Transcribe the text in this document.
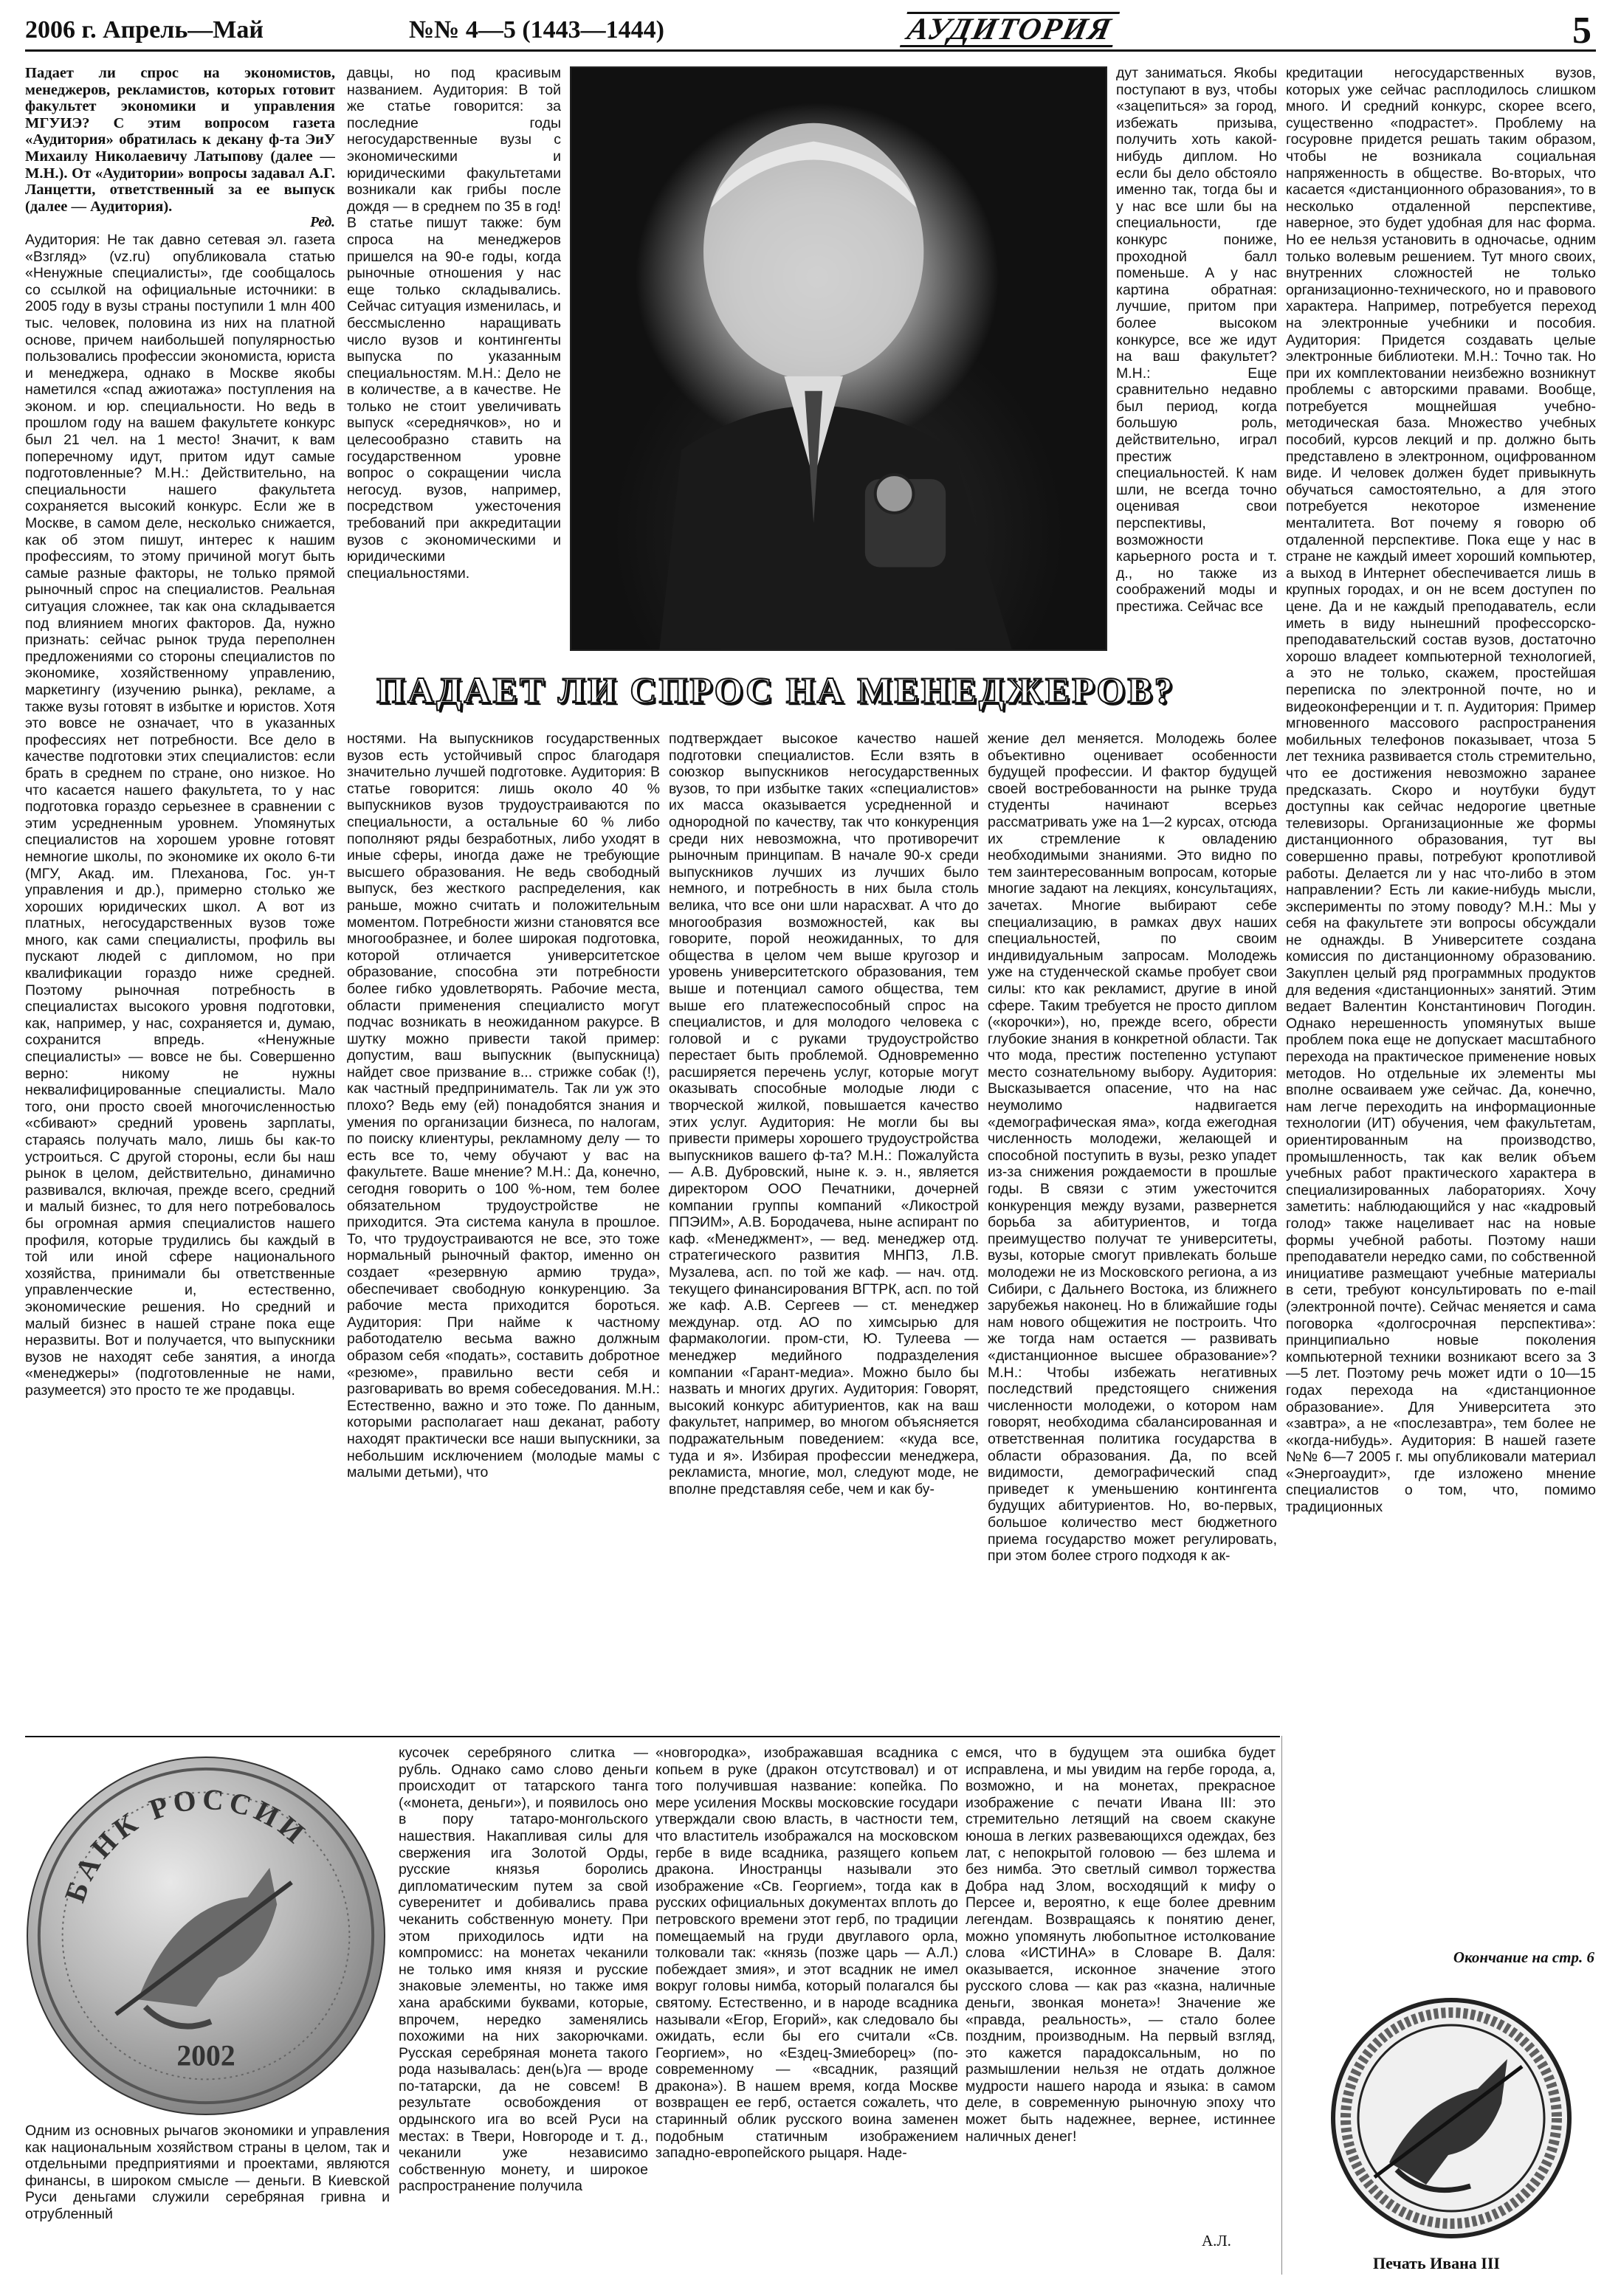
2006 г. Апрель—Май	№№ 4—5 (1443—1444)	АУДИТОРИЯ	5

Падает ли спрос на экономистов, менеджеров, рекламистов, которых готовит факультет экономики и управления МГУИЭ? С этим вопросом газета «Аудитория» обратилась к декану ф-та ЭиУ Михаилу Николаевичу Латыпову (далее — М.Н.). От «Аудитории» вопросы задавал А.Г. Ланцетти, ответственный за ее выпуск (далее — Аудитория).

Ред.

Аудитория: Не так давно сетевая эл. газета «Взгляд» (vz.ru) опубликовала статью «Ненужные специалисты», где сообщалось со ссылкой на официальные источники: в 2005 году в вузы страны поступили 1 млн 400 тыс. человек, половина из них на платной основе, причем наибольшей популярностью пользовались профессии экономиста, юриста и менеджера, однако в Москве якобы наметился «спад ажиотажа» поступления на эконом. и юр. специальности. Но ведь в прошлом году на вашем факультете конкурс был 21 чел. на 1 место! Значит, к вам поперечному идут, притом идут самые подготовленные? М.Н.: Действительно, на специальности нашего факультета сохраняется высокий конкурс. Если же в Москве, в самом деле, несколько снижается, как об этом пишут, интерес к нашим профессиям, то этому причиной могут быть самые разные факторы, не только прямой рыночный спрос на специалистов. Реальная ситуация сложнее, так как она складывается под влиянием многих факторов. Да, нужно признать: сейчас рынок труда переполнен предложениями со стороны специалистов по экономике, хозяйственному управлению, маркетингу (изучению рынка), рекламе, а также вузы готовят в избытке и юристов. Хотя это вовсе не означает, что в указанных профессиях нет потребности. Все дело в качестве подготовки этих специалистов: если брать в среднем по стране, оно низкое. Но что касается нашего факультета, то у нас подготовка гораздо серьезнее в сравнении с этим усредненным уровнем. Упомянутых специалистов на хорошем уровне готовят немногие школы, по экономике их около 6-ти (МГУ, Акад. им. Плеханова, Гос. ун-т управления и др.), примерно столько же хороших юридических школ. А вот из платных, негосударственных вузов тоже много, как сами специалисты, профиль вы пускают людей с дипломом, но при квалификации гораздо ниже средней. Поэтому рыночная потребность в специалистах высокого уровня подготовки, как, например, у нас, сохраняется и, думаю, сохранится впредь. «Ненужные специалисты» — вовсе не бы. Совершенно верно: никому не нужны неквалифицированные специалисты. Мало того, они просто своей многочисленностью «сбивают» средний уровень зарплаты, стараясь получать мало, лишь бы как-то устроиться. С другой стороны, если бы наш рынок в целом, действительно, динамично развивался, включая, прежде всего, средний и малый бизнес, то для него потребовалось бы огромная армия специалистов нашего профиля, которые трудились бы каждый в той или иной сфере национального хозяйства, принимали бы ответственные управленческие и, естественно, экономические решения. Но средний и малый бизнес в нашей стране пока еще неразвиты. Вот и получается, что выпускники вузов не находят себе занятия, а иногда «менеджеры» (подготовленные не нами, разумеется) это просто те же продавцы.

давцы, но под красивым названием. Аудитория: В той же статье говорится: за последние годы негосударственные вузы с экономическими и юридическими факультетами возникали как грибы после дождя — в среднем по 35 в год! В статье пишут также: бум спроса на менеджеров пришелся на 90-е годы, когда рыночные отношения у нас еще только складывались. Сейчас ситуация изменилась, и бессмысленно наращивать число вузов и контингенты выпуска по указанным специальностям. М.Н.: Дело не в количестве, а в качестве. Не только не стоит увеличивать выпуск «середнячков», но и целесообразно ставить на государственном уровне вопрос о сокращении числа негосуд. вузов, например, посредством ужесточения требований при аккредитации вузов с экономическими и юридическими специальностями.

дут заниматься. Якобы поступают в вуз, чтобы «зацепиться» за город, избежать призыва, получить хоть какой-нибудь диплом. Но если бы дело обстояло именно так, тогда бы и у нас все шли бы на специальности, где конкурс пониже, проходной балл поменьше. А у нас картина обратная: лучшие, притом при более высоком конкурсе, все же идут на ваш факультет? М.Н.: Еще сравнительно недавно был период, когда большую роль, действительно, играл престиж специальностей. К нам шли, не всегда точно оценивая свои перспективы, возможности карьерного роста и т. д., но также из соображений моды и престижа. Сейчас все

ПАДАЕТ ЛИ СПРОС НА МЕНЕДЖЕРОВ?

ностями. На выпускников государственных вузов есть устойчивый спрос благодаря значительно лучшей подготовке. Аудитория: В статье говорится: лишь около 40 % выпускников вузов трудоустраиваются по специальности, а остальные 60 % либо пополняют ряды безработных, либо уходят в иные сферы, иногда даже не требующие высшего образования. Не ведь свободный выпуск, без жесткого распределения, как раньше, можно считать и положительным моментом. Потребности жизни становятся все многообразнее, и более широкая подготовка, которой отличается университетское образование, способна эти потребности более гибко удовлетворять. Рабочие места, области применения специалисто могут подчас возникать в неожиданном ракурсе. В шутку можно привести такой пример: допустим, ваш выпускник (выпускница) найдет свое призвание в... стрижке собак (!), как частный предприниматель. Так ли уж это плохо? Ведь ему (ей) понадобятся знания и умения по организации бизнеса, по налогам, по поиску клиентуры, рекламному делу — то есть все то, чему обучают у вас на факультете. Ваше мнение? М.Н.: Да, конечно, сегодня говорить о 100 %-ном, тем более обязательном трудоустройстве не приходится. Эта система канула в прошлое. То, что трудоустраиваются не все, это тоже нормальный рыночный фактор, именно он создает «резервную армию труда», обеспечивает свободную конкуренцию. За рабочие места приходится бороться. Аудитория: При найме к частному работодателю весьма важно должным образом себя «подать», составить добротное «резюме», правильно вести себя и разговаривать во время собеседования. М.Н.: Естественно, важно и это тоже. По данным, которыми располагает наш деканат, работу находят практически все наши выпускники, за небольшим исключением (молодые мамы с малыми детьми), что

подтверждает высокое качество нашей подготовки специалистов. Если взять в союзкор выпускников негосударственных вузов, то при избытке таких «специалистов» их масса оказывается усредненной и однородной по качеству, так что конкуренция среди них невозможна, что противоречит рыночным принципам. В начале 90-х среди выпускников лучших из лучших было немного, и потребность в них была столь велика, что все они шли нарасхват. А что до многообразия возможностей, как вы говорите, порой неожиданных, то для общества в целом чем выше кругозор и уровень университетского образования, тем выше и потенциал самого общества, тем выше его платежеспособный спрос на специалистов, и для молодого человека с головой и с руками трудоустройство перестает быть проблемой. Одновременно расширяется перечень услуг, которые могут оказывать способные молодые люди с творческой жилкой, повышается качество этих услуг. Аудитория: Не могли бы вы привести примеры хорошего трудоустройства выпускников вашего ф-та? М.Н.: Пожалуйста — А.В. Дубровский, ныне к. э. н., является директором ООО Печатники, дочерней компании группы компаний «Ликострой ППЭИМ», А.В. Бородачева, ныне аспирант по каф. «Менеджмент», — вед. менеджер отд. стратегического развития МНПЗ, Л.В. Музалева, асп. по той же каф. — нач. отд. текущего финансирования ВГТРК, асп. по той же каф. А.В. Сергеев — ст. менеджер междунар. отд. АО по химсырью для фармакологии. пром-сти, Ю. Тулеева — менеджер медийного подразделения компании «Гарант-медиа». Можно было бы назвать и многих других. Аудитория: Говорят, высокий конкурс абитуриентов, как на ваш факультет, например, во многом объясняется подражательным поведением: «куда все, туда и я». Избирая профессии менеджера, рекламиста, многие, мол, следуют моде, не вполне представляя себе, чем и как бу-

жение дел меняется. Молодежь более объективно оценивает особенности будущей профессии. И фактор будущей своей востребованности на рынке труда студенты начинают всерьез рассматривать уже на 1—2 курсах, отсюда их стремление к овладению необходимыми знаниями. Это видно по тем заинтересованным вопросам, которые многие задают на лекциях, консультациях, зачетах. Многие выбирают себе специализацию, в рамках двух наших специальностей, по своим индивидуальным запросам. Молодежь уже на студенческой скамье пробует свои силы: кто как рекламист, другие в иной сфере. Таким требуется не просто диплом («корочки»), но, прежде всего, обрести глубокие знания в конкретной области. Так что мода, престиж постепенно уступают место сознательному выбору. Аудитория: Высказывается опасение, что на нас неумолимо надвигается «демографическая яма», когда ежегодная численность молодежи, желающей и способной поступить в вузы, резко упадет из-за снижения рождаемости в прошлые годы. В связи с этим ужесточится конкуренция между вузами, развернется борьба за абитуриентов, и тогда преимущество получат те университеты, вузы, которые смогут привлекать больше молодежи не из Московского региона, а из Сибири, с Дальнего Востока, из ближнего зарубежья наконец. Но в ближайшие годы нам нового общежития не построить. Что же тогда нам остается — развивать «дистанционное высшее образование»? М.Н.: Чтобы избежать негативных последствий предстоящего снижения численности молодежи, о котором нам говорят, необходима сбалансированная и ответственная политика государства в области образования. Да, по всей видимости, демографический спад приведет к уменьшению контингента будущих абитуриентов. Но, во-первых, большое количество мест бюджетного приема государство может регулировать, при этом более строго подходя к ак-

кредитации негосударственных вузов, которых уже сейчас расплодилось слишком много. И средний конкурс, скорее всего, существенно «подрастет». Проблему на госуровне придется решать таким образом, чтобы не возникала социальная напряженность в обществе. Во-вторых, что касается «дистанционного образования», то в несколько отдаленной перспективе, наверное, это будет удобная для нас форма. Но ее нельзя установить в одночасье, одним только волевым решением. Тут много своих, внутренних сложностей не только организационно-технического, но и правового характера. Например, потребуется переход на электронные учебники и пособия. Аудитория: Придется создавать целые электронные библиотеки. М.Н.: Точно так. Но при их комплектовании неизбежно возникнут проблемы с авторскими правами. Вообще, потребуется мощнейшая учебно-методическая база. Множество учебных пособий, курсов лекций и пр. должно быть представлено в электронном, оцифрованном виде. И человек должен будет привыкнуть обучаться самостоятельно, а для этого потребуется некоторое изменение менталитета. Вот почему я говорю об отдаленной перспективе. Пока еще у нас в стране не каждый имеет хороший компьютер, а выход в Интернет обеспечивается лишь в крупных городах, и он не всем доступен по цене. Да и не каждый преподаватель, если иметь в виду нынешний профессорско-преподавательский состав вузов, достаточно хорошо владеет компьютерной технологией, а это не только, скажем, простейшая переписка по электронной почте, но и видеоконференции и т. п. Аудитория: Пример мгновенного массового распространения мобильных телефонов показывает, чтоза 5 лет техника развивается столь стремительно, что ее достижения невозможно заранее предсказать. Скоро и ноутбуки будут доступны как сейчас недорогие цветные телевизоры. Организационные же формы дистанционного образования, тут вы совершенно правы, потребуют кропотливой работы. Делается ли у нас что-либо в этом направлении? Есть ли какие-нибудь мысли, эксперименты по этому поводу? М.Н.: Мы у себя на факультете эти вопросы обсуждали не однажды. В Университете создана комиссия по дистанционному образованию. Закуплен целый ряд программных продуктов для ведения «дистанционных» занятий. Этим ведает Валентин Константинович Погодин. Однако нерешенность упомянутых выше проблем пока еще не допускает масштабного перехода на практическое применение новых методов. Но отдельные их элементы мы вполне осваиваем уже сейчас. Да, конечно, нам легче переходить на информационные технологии (ИТ) обучения, чем факультетам, ориентированным на производство, промышленность, так как велик объем учебных работ практического характера в специализированных лабораториях. Хочу заметить: наблюдающийся у нас «кадровый голод» также нацеливает нас на новые формы учебной работы. Поэтому наши преподаватели нередко сами, по собственной инициативе размещают учебные материалы в сети, требуют консультировать по e-mail (электронной почте). Сейчас меняется и сама поговорка «долгосрочная перспектива»: принципиально новые поколения компьютерной техники возникают всего за 3—5 лет. Поэтому речь может идти о 10—15 годах перехода на «дистанционное образование». Для Университета это «завтра», а не «послезавтра», тем более не «когда-нибудь». Аудитория: В нашей газете №№ 6—7 2005 г. мы опубликовали материал «Энергоаудит», где изложено мнение специалистов о том, что, помимо традиционных

Окончание на стр. 6
БАНК РОССИИ
2002

Одним из основных рычагов экономики и управления как национальным хозяйством страны в целом, так и отдельными предприятиями и проектами, являются финансы, в широком смысле — деньги. В Киевской Руси деньгами служили серебряная гривна и отрубленный

кусочек серебряного слитка — рубль. Однако само слово деньги происходит от татарского тангa («монета, деньги»), и появилось оно в пору татаро-монгольского нашествия. Накапливая силы для свержения ига Золотой Орды, русские князья боролись дипломатическим путем за свой суверенитет и добивались права чеканить собственную монету. При этом приходилось идти на компромисс: на монетах чеканили не только имя князя и русские знаковые элементы, но также имя хана арабскими буквами, которые, впрочем, нередко заменялись похожими на них закорючками. Русская серебряная монета такого рода называлась: ден(ь)га — вроде по-татарски, да не совсем! В результате освобождения от ордынского ига во всей Руси на местах: в Твери, Новгороде и т. д., чеканили уже независимо собственную монету, и широкое распространение получила

«новгородка», изображавшая всадника с копьем в руке (дракон отсутствовал) и от того получившая название: копейка. По мере усиления Москвы московские государи утверждали свою власть, в частности тем, что властитель изображался на московском гербе в виде всадника, разящего копьем дракона. Иностранцы называли это изображение «Св. Георгием», тогда как в русских официальных документах вплоть до петровского времени этот герб, по традиции помещаемый на груди двуглавого орла, толковали так: «князь (позже царь — А.Л.) побеждает змия», и этот всадник не имел вокруг головы нимба, который полагался бы святому. Естественно, и в народе всадника называли «Егор, Егорий», как следовало бы ожидать, если бы его считали «Св. Георгием», но «Ездец-Змиеборец» (по-современному — «всадник, разящий дракона»). В нашем время, когда Москве возвращен ее герб, остается сожалеть, что старинный облик русского воина заменен подобным статичным изображением западно-европейского рыцаря. Наде-

емся, что в будущем эта ошибка будет исправлена, и мы увидим на гербе города, а, возможно, и на монетах, прекрасное изображение с печати Ивана III: это стремительно летящий на своем скакуне юноша в легких развевающихся одеждах, без лат, с непокрытой головою — без шлема и без нимба. Это светлый символ торжества Добра над Злом, восходящий к мифу о Персее и, вероятно, к еще более древним легендам. Возвращаясь к понятию денег, можно упомянуть любопытное истолкование слова «ИСТИНА» в Словаре В. Даля: оказывается, исконное значение этого русского слова — как раз «казна, наличные деньги, звонкая монета»! Значение же «правда, реальность», — стало более поздним, производным. На первый взгляд, это кажется парадоксальным, но по размышлении нельзя не отдать должное мудрости нашего народа и языка: в самом деле, в современную рыночную эпоху что может быть надежнее, вернее, истиннее наличных денег!

А.Л.
Печать Ивана III
